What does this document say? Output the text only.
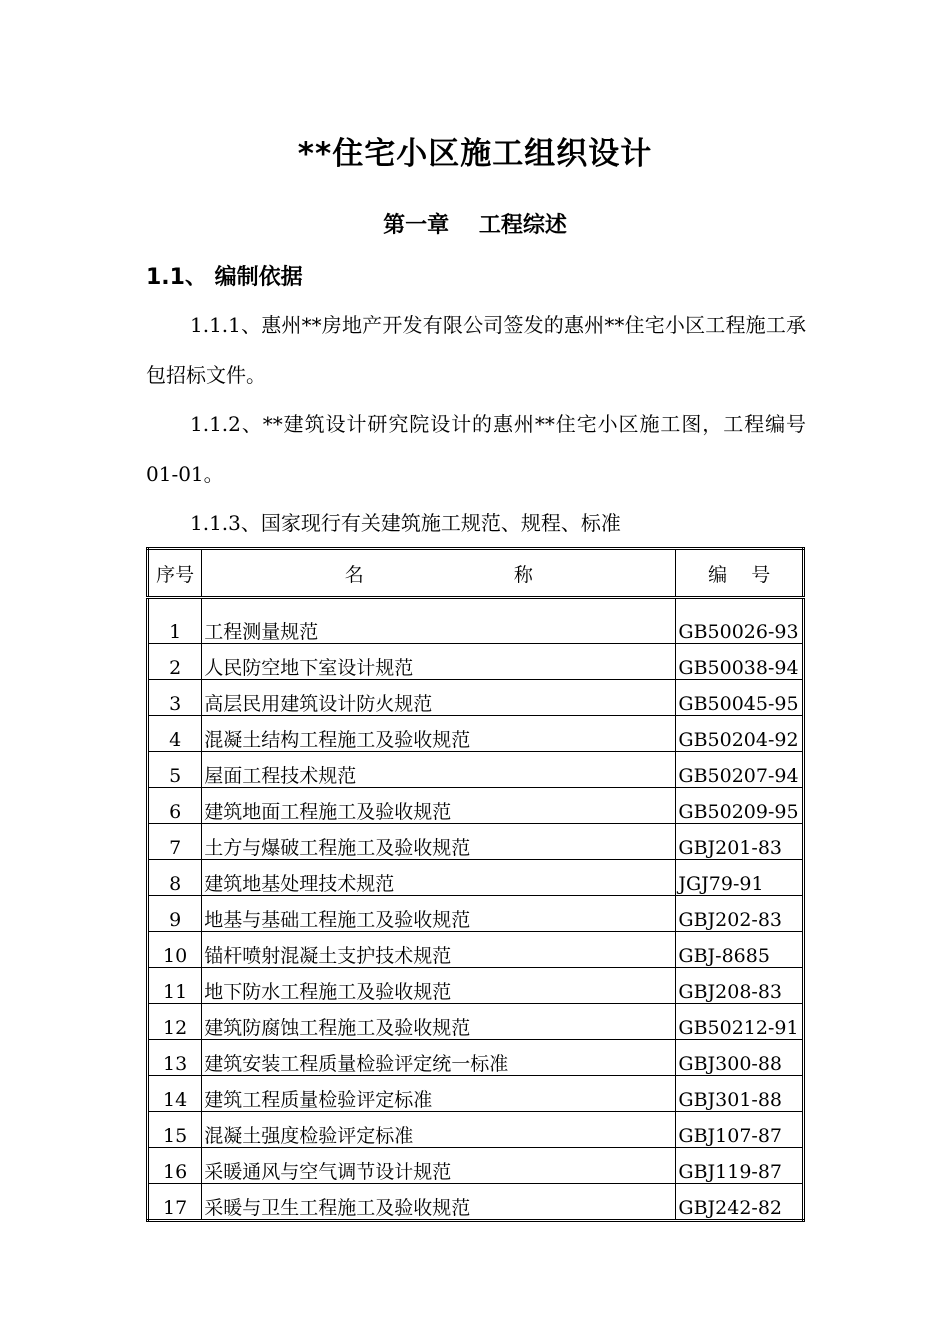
**住宅小区施工组织设计
第一章　 工程综述
1.1、 编制依据
1.1.1、惠州**房地产开发有限公司签发的惠州**住宅小区工程施工承包招标文件。
1.1.2、**建筑设计研究院设计的惠州**住宅小区施工图，工程编号01-01。
1.1.3、国家现行有关建筑施工规范、规程、标准
序号	名 称	编 号

1	工程测量规范	GB50026-93
2	人民防空地下室设计规范	GB50038-94
3	高层民用建筑设计防火规范	GB50045-95
4	混凝土结构工程施工及验收规范	GB50204-92
5	屋面工程技术规范	GB50207-94
6	建筑地面工程施工及验收规范	GB50209-95
7	土方与爆破工程施工及验收规范	GBJ201-83
8	建筑地基处理技术规范	JGJ79-91
9	地基与基础工程施工及验收规范	GBJ202-83
10	锚杆喷射混凝土支护技术规范	GBJ-8685
11	地下防水工程施工及验收规范	GBJ208-83
12	建筑防腐蚀工程施工及验收规范	GB50212-91
13	建筑安装工程质量检验评定统一标准	GBJ300-88
14	建筑工程质量检验评定标准	GBJ301-88
15	混凝土强度检验评定标准	GBJ107-87
16	采暖通风与空气调节设计规范	GBJ119-87
17	采暖与卫生工程施工及验收规范	GBJ242-82
